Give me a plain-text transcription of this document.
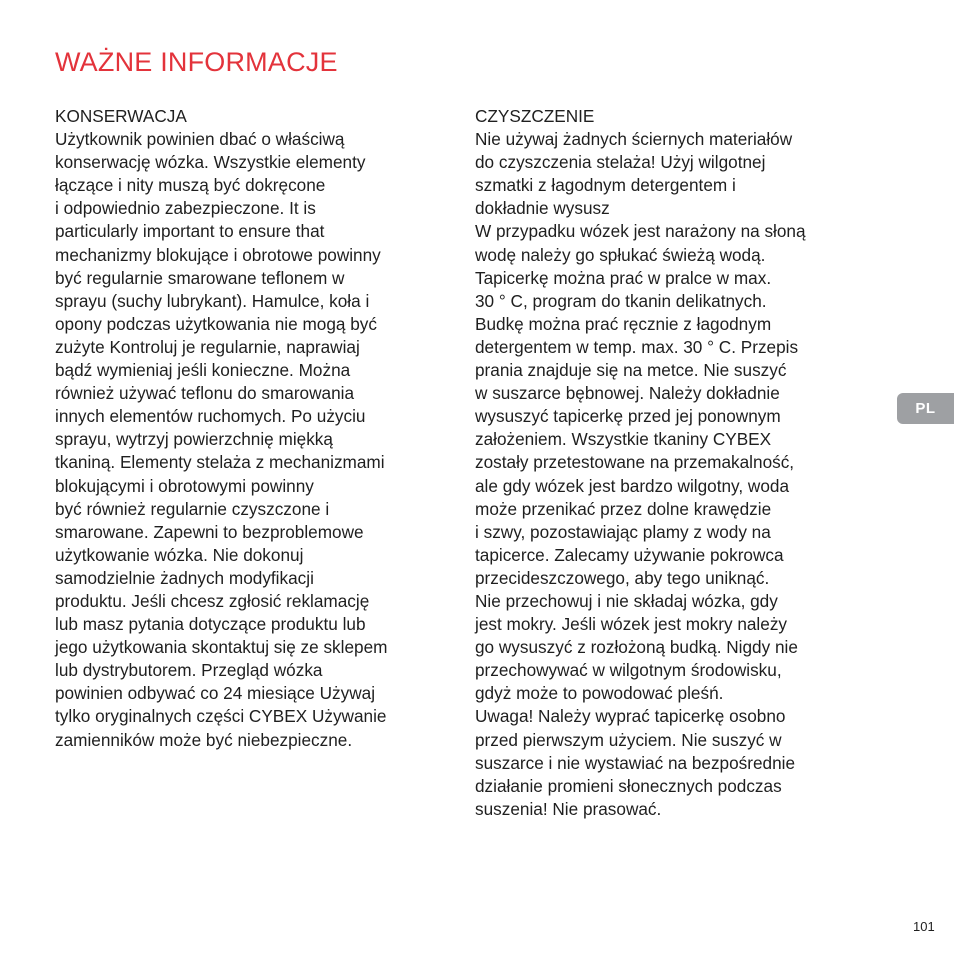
WAŻNE INFORMACJE
KONSERWACJA
Użytkownik powinien dbać o właściwą
konserwację wózka. Wszystkie elementy
łączące i nity muszą być dokręcone
i odpowiednio zabezpieczone. It is
particularly important to ensure that
mechanizmy blokujące i obrotowe powinny
być regularnie smarowane teflonem w
sprayu (suchy lubrykant). Hamulce, koła i
opony podczas użytkowania nie mogą być
zużyte Kontroluj je regularnie, naprawiaj
bądź wymieniaj jeśli konieczne. Można
również używać teflonu do smarowania
innych elementów ruchomych. Po użyciu
sprayu, wytrzyj powierzchnię miękką
tkaniną. Elementy stelaża z mechanizmami
blokującymi i obrotowymi powinny
być również regularnie czyszczone i
smarowane. Zapewni to bezproblemowe
użytkowanie wózka. Nie dokonuj
samodzielnie żadnych modyfikacji
produktu. Jeśli chcesz zgłosić reklamację
lub masz pytania dotyczące produktu lub
jego użytkowania skontaktuj się ze sklepem
lub dystrybutorem. Przegląd wózka
powinien odbywać co 24 miesiące Używaj
tylko oryginalnych części CYBEX Używanie
zamienników może być niebezpieczne.
CZYSZCZENIE
Nie używaj żadnych ściernych materiałów
do czyszczenia stelaża! Użyj wilgotnej
szmatki z łagodnym detergentem i
dokładnie wysusz
W przypadku wózek jest narażony na słoną
wodę należy go spłukać świeżą wodą.
Tapicerkę można prać w pralce w max.
30 ° C, program do tkanin delikatnych.
Budkę można prać ręcznie z łagodnym
detergentem w temp. max. 30 ° C. Przepis
prania znajduje się na metce. Nie suszyć
w suszarce bębnowej. Należy dokładnie
wysuszyć tapicerkę przed jej ponownym
założeniem. Wszystkie tkaniny CYBEX
zostały przetestowane na przemakalność,
ale gdy wózek jest bardzo wilgotny, woda
może przenikać przez dolne krawędzie
i szwy, pozostawiając plamy z wody na
tapicerce. Zalecamy używanie pokrowca
przecideszczowego, aby tego uniknąć.
Nie przechowuj i nie składaj wózka, gdy
jest mokry. Jeśli wózek jest mokry należy
go wysuszyć z rozłożoną budką. Nigdy nie
przechowywać w wilgotnym środowisku,
gdyż może to powodować pleśń.
Uwaga! Należy wyprać tapicerkę osobno
przed pierwszym użyciem. Nie suszyć w
suszarce i nie wystawiać na bezpośrednie
działanie promieni słonecznych podczas
suszenia! Nie prasować.
PL
101
